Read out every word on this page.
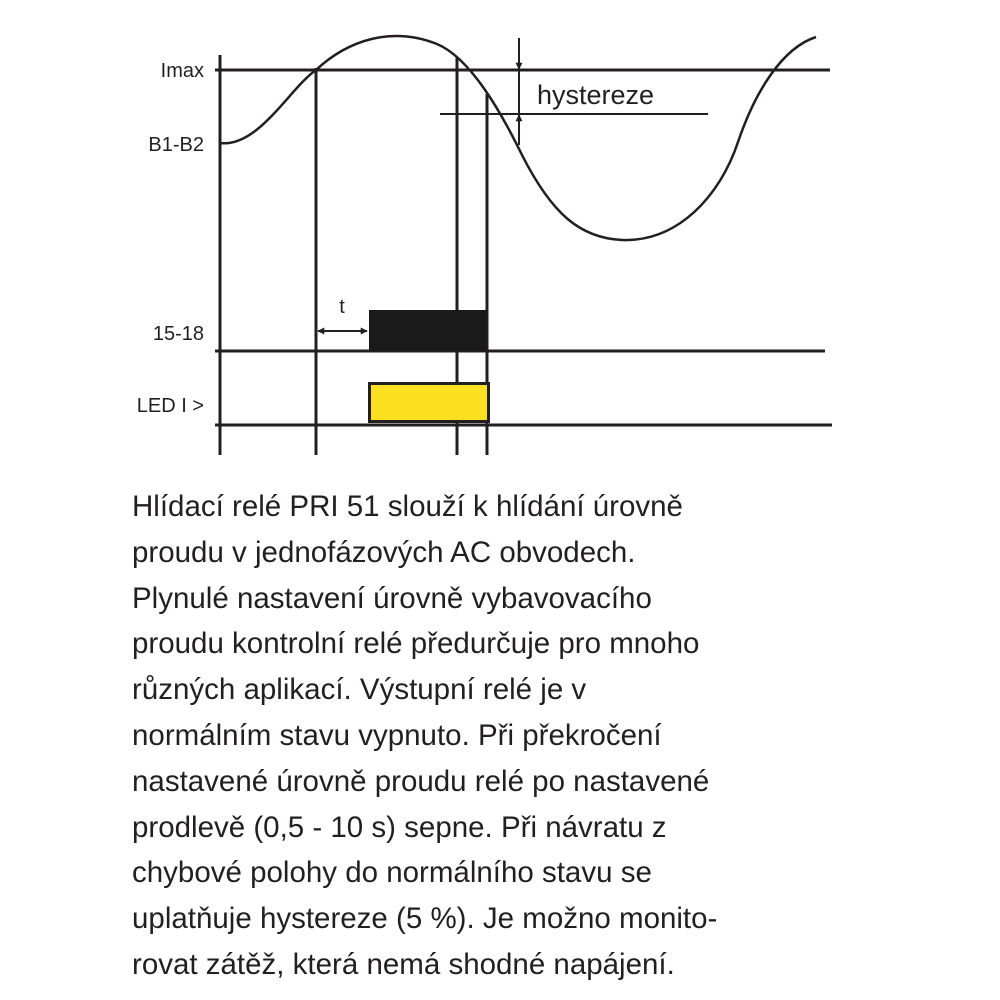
Imax
B1-B2
15-18
LED I >
hystereze
t
Hlídací relé PRI 51 slouží k hlídání úrovně
proudu v jednofázových AC obvodech.
Plynulé nastavení úrovně vybavovacího
proudu kontrolní relé předurčuje pro mnoho
různých aplikací. Výstupní relé je v
normálním stavu vypnuto. Při překročení
nastavené úrovně proudu relé po nastavené
prodlevě (0,5 - 10 s) sepne. Při návratu z
chybové polohy do normálního stavu se
uplatňuje hystereze (5 %). Je možno monito-
rovat zátěž, která nemá shodné napájení.
